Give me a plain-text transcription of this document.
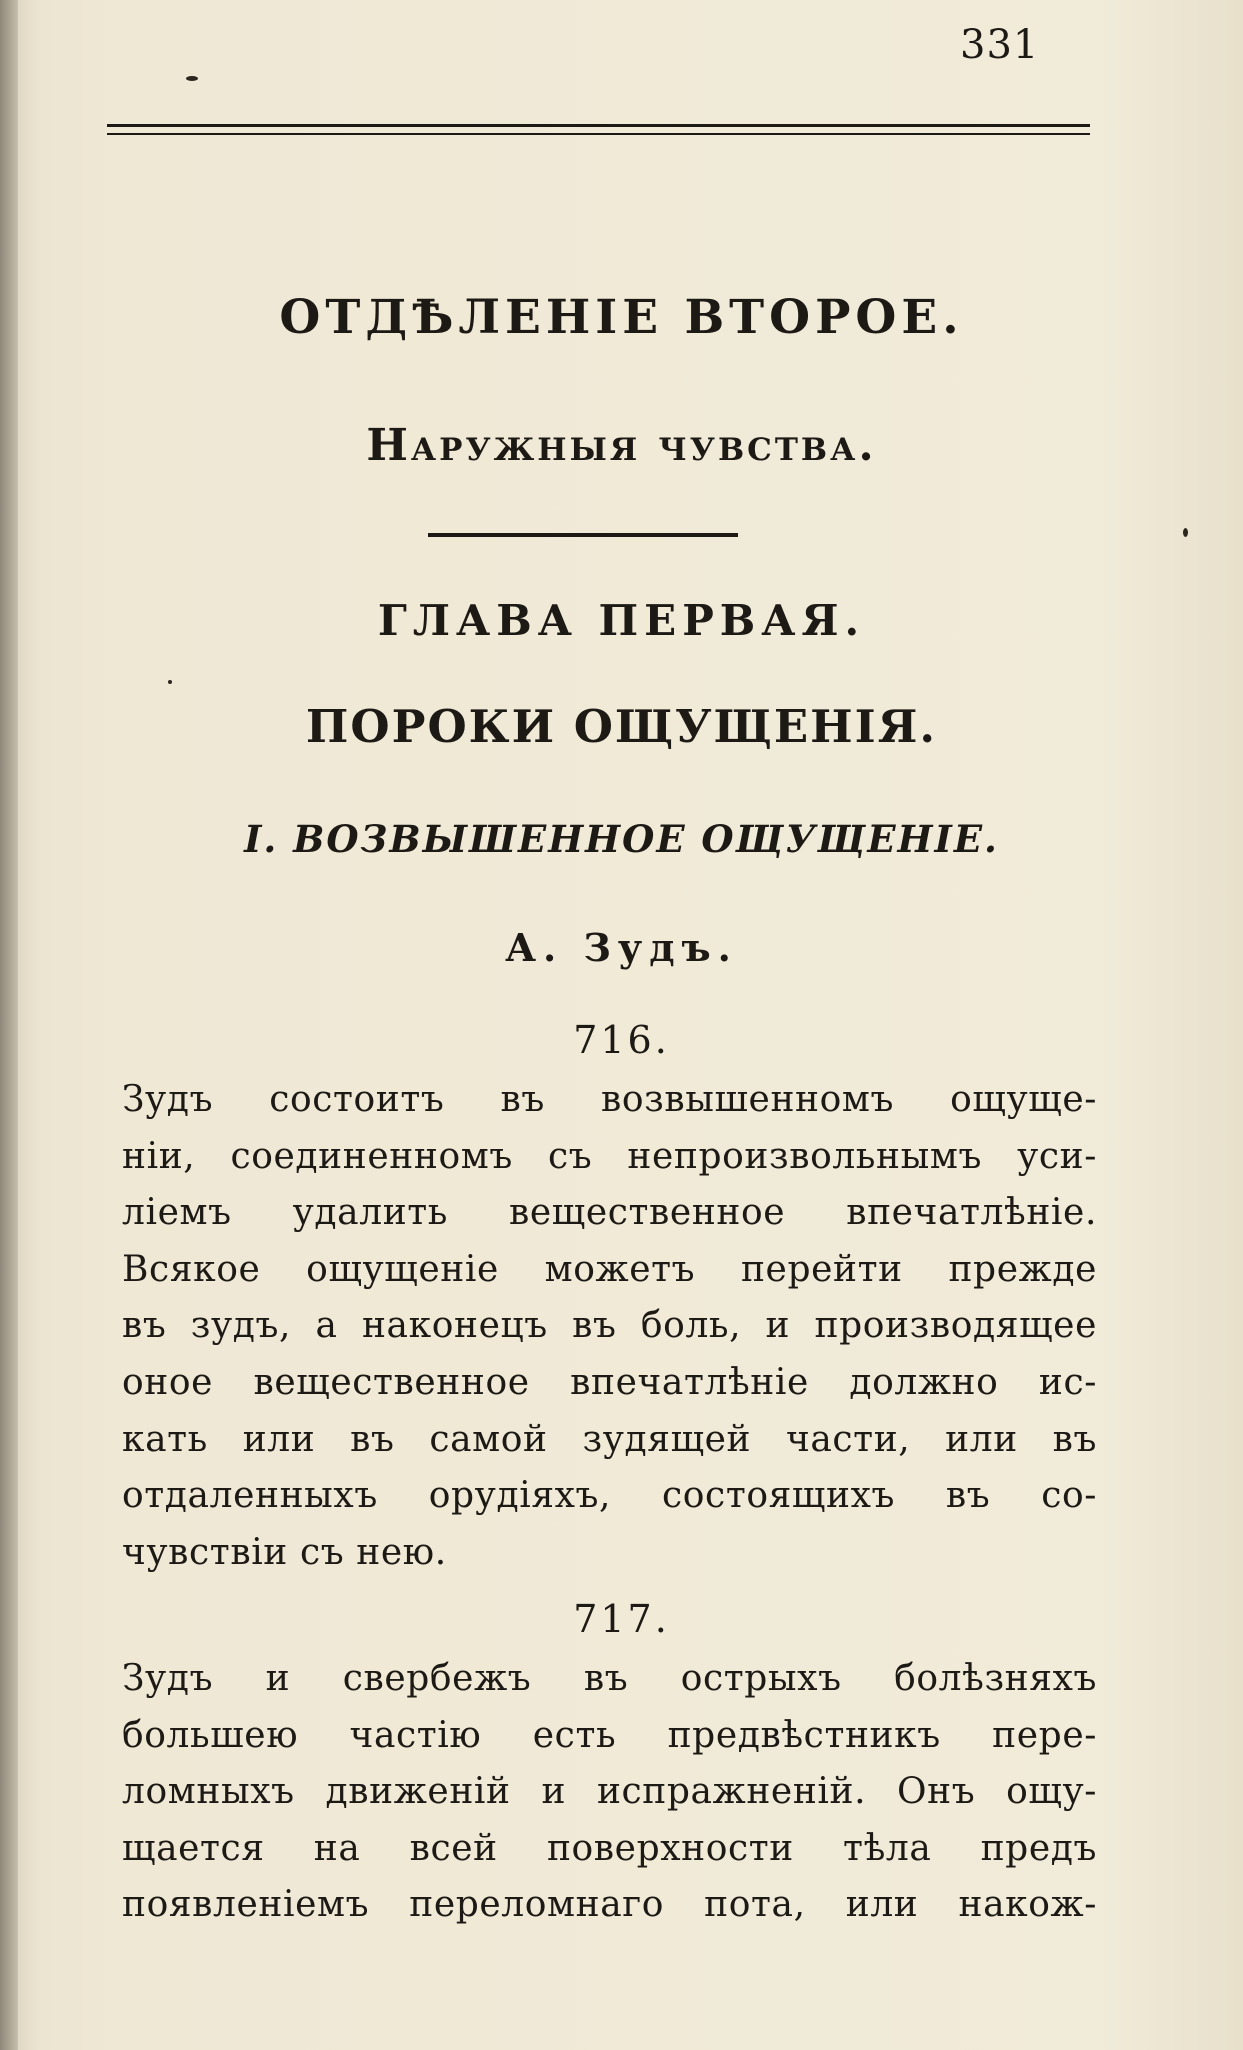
331
ОТДѢЛЕНІЕ ВТОРОЕ.
Наружныя чувства.
ГЛАВА ПЕРВАЯ.
ПОРОКИ ОЩУЩЕНІЯ.
I. ВОЗВЫШЕННОЕ ОЩУЩЕНІЕ.
А. Зудъ.
716.
Зудъ состоитъ въ возвышенномъ ощуще-
ніи, соединенномъ съ непроизвольнымъ уси-
ліемъ удалить вещественное впечатлѣніе.
Всякое ощущеніе можетъ перейти прежде
въ зудъ, а наконецъ въ боль, и производящее
оное вещественное впечатлѣніе должно ис-
кать или въ самой зудящей части, или въ
отдаленныхъ орудіяхъ, состоящихъ въ со-
чувствіи съ нею.
717.
Зудъ и свербежъ въ острыхъ болѣзняхъ
большею частію есть предвѣстникъ пере-
ломныхъ движеній и испражненій. Онъ ощу-
щается на всей поверхности тѣла предъ
появленіемъ переломнаго пота, или накож-
